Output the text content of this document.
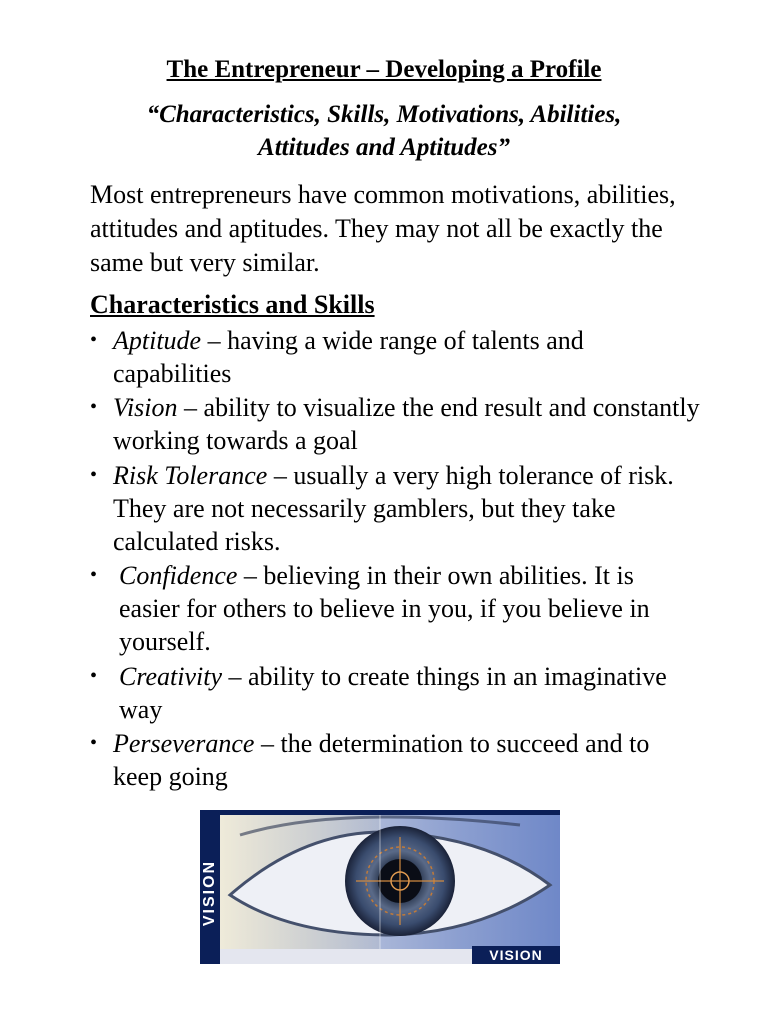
The Entrepreneur – Developing a Profile
“Characteristics, Skills, Motivations, Abilities,
Attitudes and Aptitudes”
Most entrepreneurs have common motivations, abilities, attitudes and aptitudes. They may not all be exactly the same but very similar.
Characteristics and Skills
• Aptitude – having a wide range of talents and capabilities
• Vision – ability to visualize the end result and constantly working towards a goal
• Risk Tolerance – usually a very high tolerance of risk. They are not necessarily gamblers, but they take calculated risks.
• Confidence – believing in their own abilities. It is easier for others to believe in you, if you believe in yourself.
• Creativity – ability to create things in an imaginative way
• Perseverance – the determination to succeed and to keep going
VISION
VISION
